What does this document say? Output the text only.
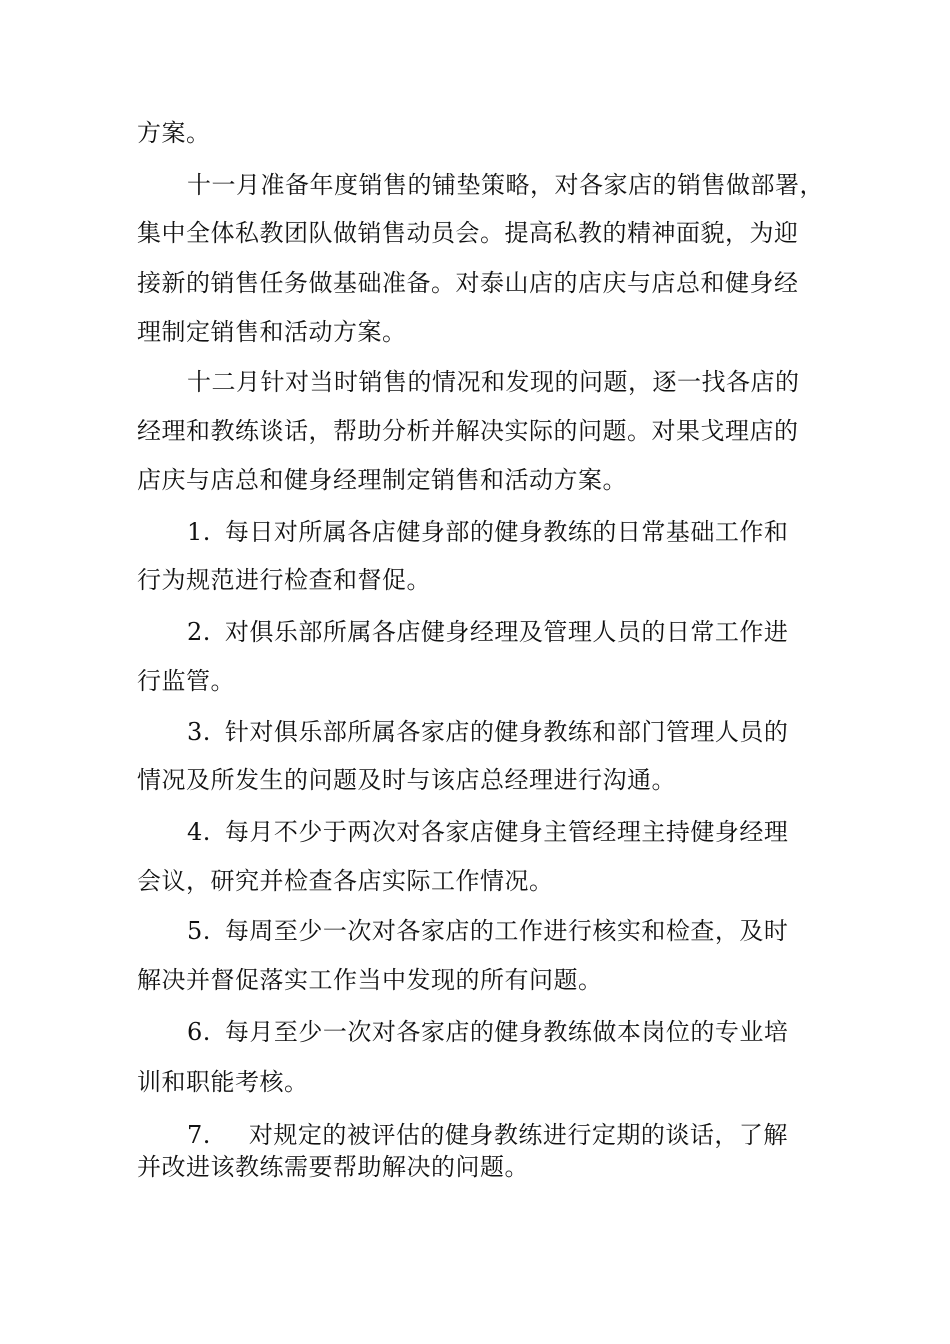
方案。
十一月准备年度销售的铺垫策略，对各家店的销售做部署，
集中全体私教团队做销售动员会。提高私教的精神面貌，为迎
接新的销售任务做基础准备。对泰山店的店庆与店总和健身经
理制定销售和活动方案。
十二月针对当时销售的情况和发现的问题，逐一找各店的
经理和教练谈话，帮助分析并解决实际的问题。对果戈理店的
店庆与店总和健身经理制定销售和活动方案。
1. 每日对所属各店健身部的健身教练的日常基础工作和
行为规范进行检查和督促。
2. 对俱乐部所属各店健身经理及管理人员的日常工作进
行监管。
3. 针对俱乐部所属各家店的健身教练和部门管理人员的
情况及所发生的问题及时与该店总经理进行沟通。
4. 每月不少于两次对各家店健身主管经理主持健身经理
会议，研究并检查各店实际工作情况。
5. 每周至少一次对各家店的工作进行核实和检查，及时
解决并督促落实工作当中发现的所有问题。
6. 每月至少一次对各家店的健身教练做本岗位的专业培
训和职能考核。
7. 对规定的被评估的健身教练进行定期的谈话，了解
并改进该教练需要帮助解决的问题。
